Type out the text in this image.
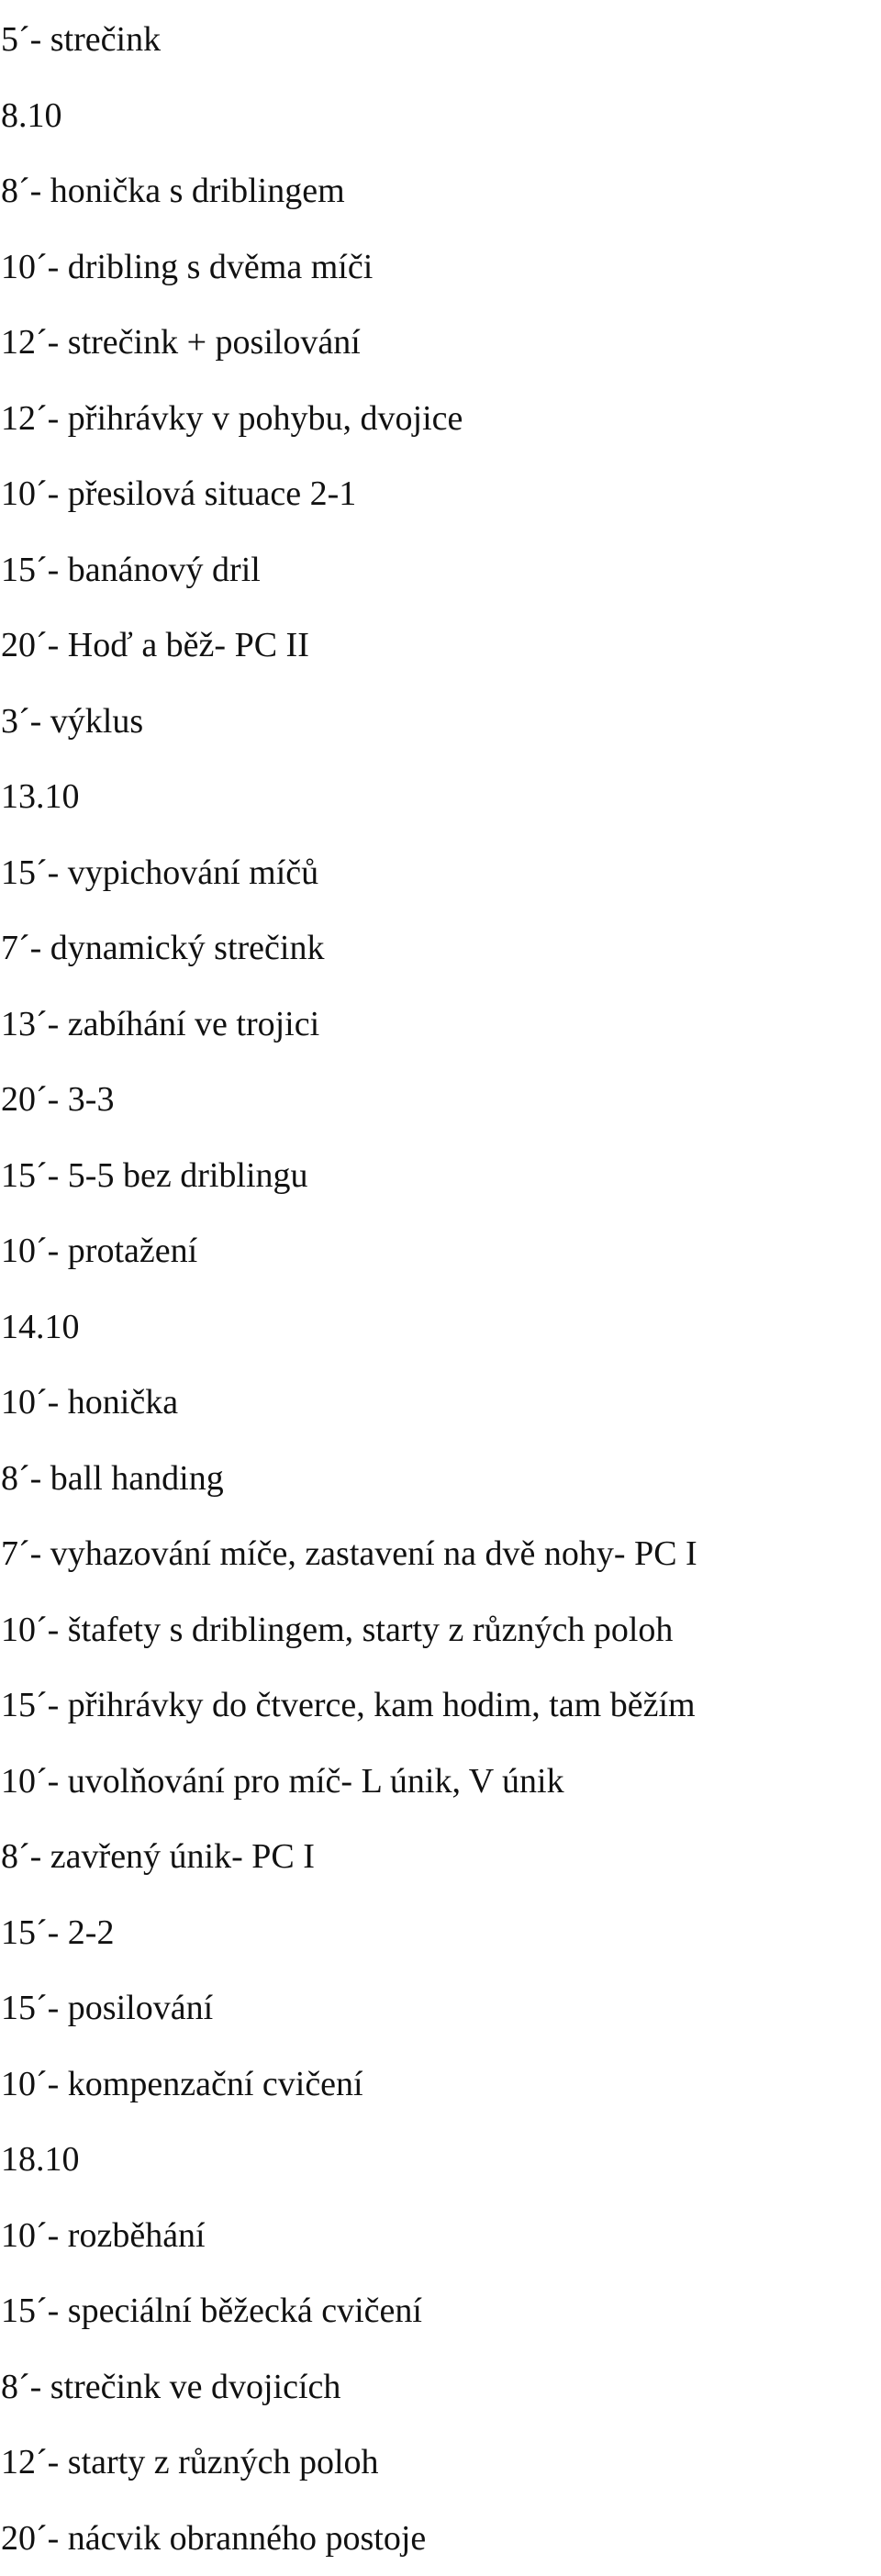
5´- strečink
8.10
8´- honička s driblingem
10´- dribling s dvěma míči
12´- strečink + posilování
12´- přihrávky v pohybu, dvojice
10´- přesilová situace 2-1
15´- banánový dril
20´- Hoď a běž- PC II
3´- výklus
13.10
15´- vypichování míčů
7´- dynamický strečink
13´- zabíhání ve trojici
20´- 3-3
15´- 5-5 bez driblingu
10´- protažení
14.10
10´- honička
8´- ball handing
7´- vyhazování míče, zastavení na dvě nohy- PC I
10´- štafety s driblingem, starty z různých poloh
15´- přihrávky do čtverce, kam hodim, tam běžím
10´- uvolňování pro míč- L únik, V únik
8´- zavřený únik- PC I
15´- 2-2
15´- posilování
10´- kompenzační cvičení
18.10
10´- rozběhání
15´- speciální běžecká cvičení
8´- strečink ve dvojicích
12´- starty z různých poloh
20´- nácvik obranného postoje
